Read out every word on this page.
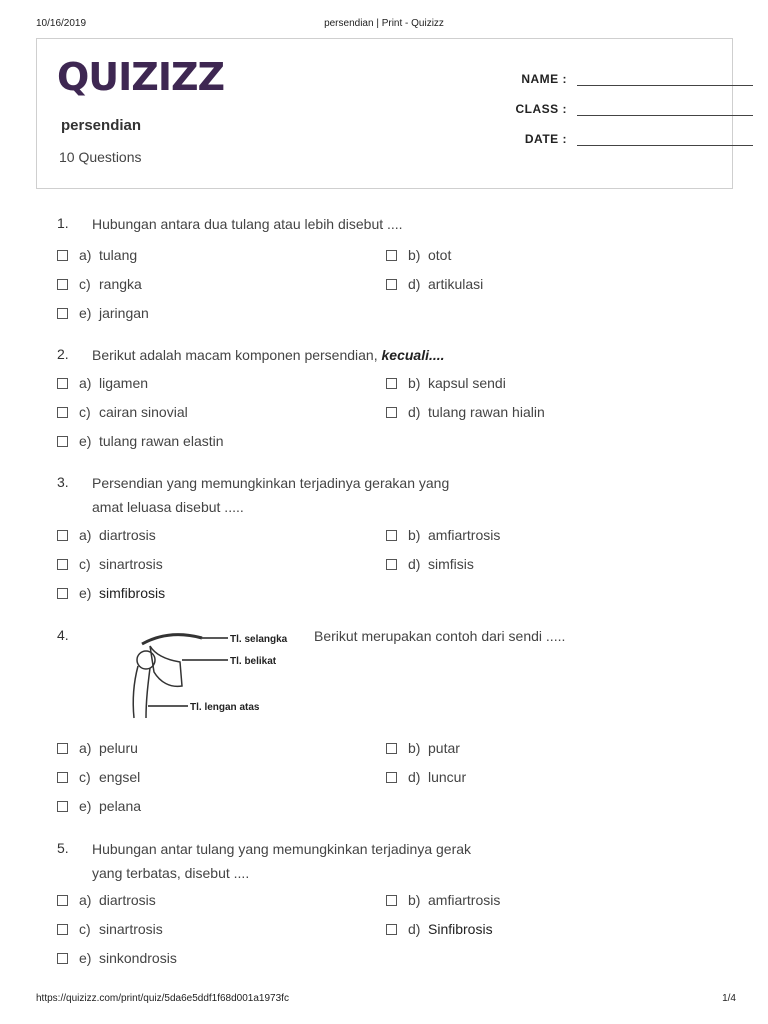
10/16/2019	persendian | Print - Quizizz
QUIZIZZ
persendian
10 Questions
NAME :
CLASS :
DATE :
1. Hubungan antara dua tulang atau lebih disebut ....
a) tulang	b) otot
c) rangka	d) artikulasi
e) jaringan
2. Berikut adalah macam komponen persendian, kecuali....
a) ligamen	b) kapsul sendi
c) cairan sinovial	d) tulang rawan hialin
e) tulang rawan elastin
3. Persendian yang memungkinkan terjadinya gerakan yang amat leluasa disebut .....
a) diartrosis	b) amfiartrosis
c) sinartrosis	d) simfisis
e) simfibrosis
4.	Berikut merupakan contoh dari sendi .....
Tl. selangka
Tl. belikat
Tl. lengan atas
a) peluru	b) putar
c) engsel	d) luncur
e) pelana
5. Hubungan antar tulang yang memungkinkan terjadinya gerak yang terbatas, disebut ....
a) diartrosis	b) amfiartrosis
c) sinartrosis	d) Sinfibrosis
e) sinkondrosis
https://quizizz.com/print/quiz/5da6e5ddf1f68d001a1973fc	1/4
